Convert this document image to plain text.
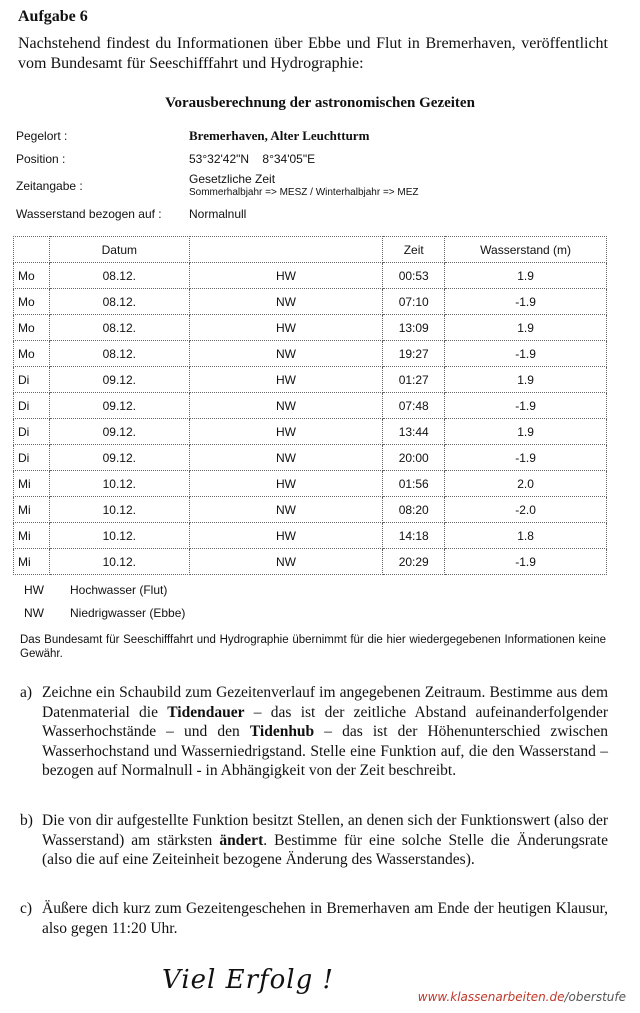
Aufgabe 6
Nachstehend findest du Informationen über Ebbe und Flut in Bremerhaven, veröffentlicht vom Bundesamt für Seeschifffahrt und Hydrographie:
Vorausberechnung der astronomischen Gezeiten
Pegelort :	Bremerhaven, Alter Leuchtturm
Position :	53°32'42"N    8°34'05"E
Zeitangabe :	Gesetzliche Zeit
Sommerhalbjahr => MESZ / Winterhalbjahr => MEZ
Wasserstand bezogen auf : Normalnull
	Datum		Zeit	Wasserstand (m)
Mo	08.12.	HW	00:53	1.9
Mo	08.12.	NW	07:10	-1.9
Mo	08.12.	HW	13:09	1.9
Mo	08.12.	NW	19:27	-1.9
Di	09.12.	HW	01:27	1.9
Di	09.12.	NW	07:48	-1.9
Di	09.12.	HW	13:44	1.9
Di	09.12.	NW	20:00	-1.9
Mi	10.12.	HW	01:56	2.0
Mi	10.12.	NW	08:20	-2.0
Mi	10.12.	HW	14:18	1.8
Mi	10.12.	NW	20:29	-1.9
HW Hochwasser (Flut)
NW Niedrigwasser (Ebbe)
Das Bundesamt für Seeschifffahrt und Hydrographie übernimmt für die hier wiedergegebenen Informationen keine Gewähr.
a) Zeichne ein Schaubild zum Gezeitenverlauf im angegebenen Zeitraum. Bestimme aus dem Datenmaterial die Tidendauer – das ist der zeitliche Abstand aufeinanderfolgender Wasserhochstände – und den Tidenhub – das ist der Höhenunterschied zwischen Wasserhochstand und Wasserniedrigstand. Stelle eine Funktion auf, die den Wasserstand – bezogen auf Normalnull - in Abhängigkeit von der Zeit beschreibt.
b) Die von dir aufgestellte Funktion besitzt Stellen, an denen sich der Funktionswert (also der Wasserstand) am stärksten ändert. Bestimme für eine solche Stelle die Änderungsrate (also die auf eine Zeiteinheit bezogene Änderung des Wasserstandes).
c) Äußere dich kurz zum Gezeitengeschehen in Bremerhaven am Ende der heutigen Klausur, also gegen 11:20 Uhr.
Viel Erfolg !
www.klassenarbeiten.de/oberstufe
